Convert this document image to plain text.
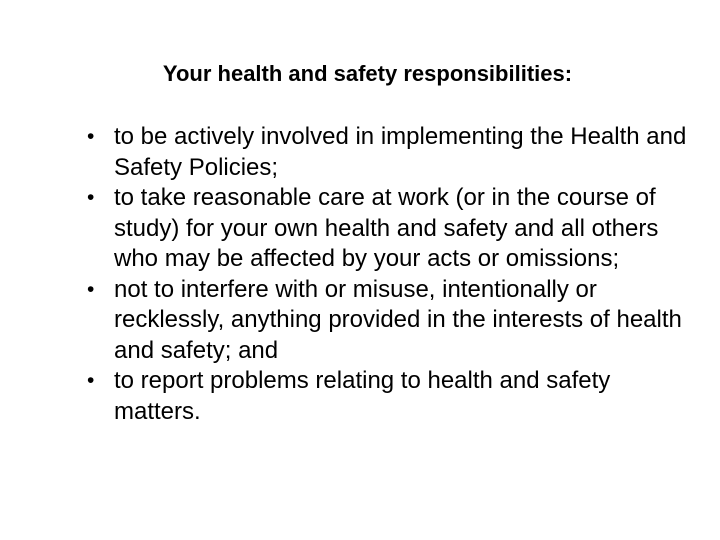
Your health and safety responsibilities:
• to be actively involved in implementing the Health and Safety Policies;
• to take reasonable care at work (or in the course of study) for your own health and safety and all others who may be affected by your acts or omissions;
• not to interfere with or misuse, intentionally or recklessly, anything provided in the interests of health and safety; and
• to report problems relating to health and safety matters.
